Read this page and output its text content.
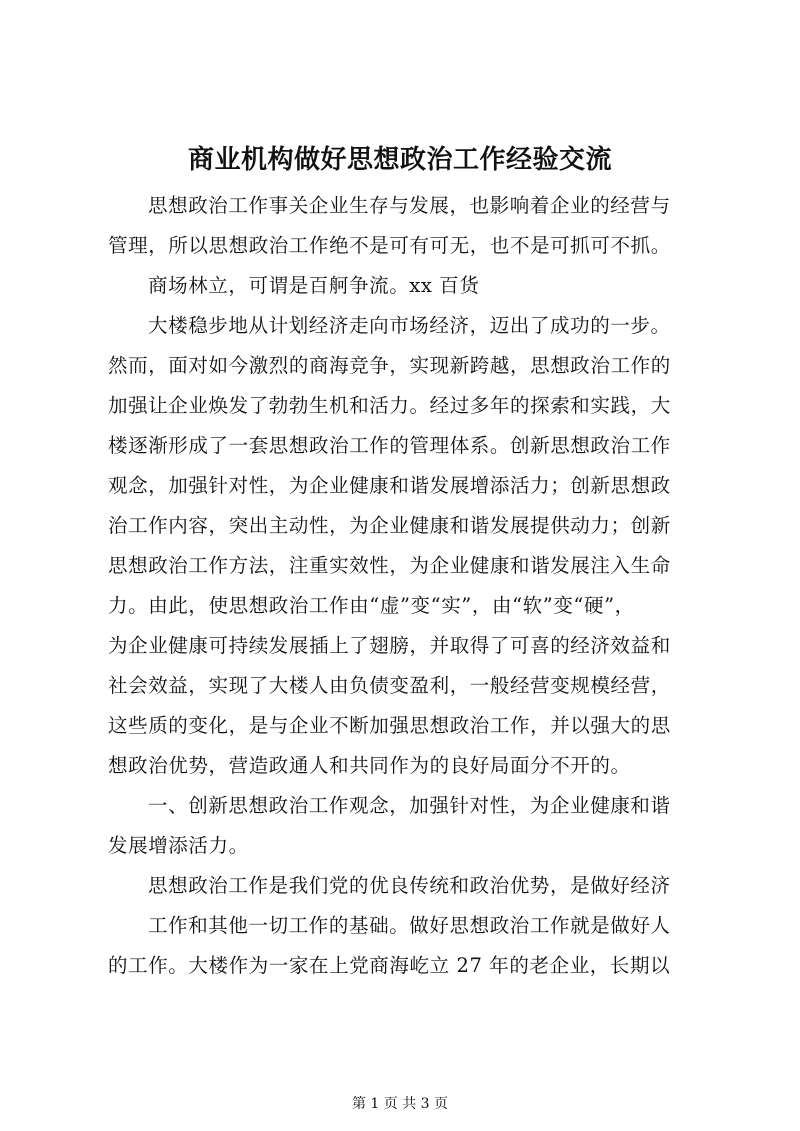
商业机构做好思想政治工作经验交流
思想政治工作事关企业生存与发展，也影响着企业的经营与
管理，所以思想政治工作绝不是可有可无，也不是可抓可不抓。
商场林立，可谓是百舸争流。xx 百货
大楼稳步地从计划经济走向市场经济，迈出了成功的一步。
然而，面对如今激烈的商海竞争，实现新跨越，思想政治工作的
加强让企业焕发了勃勃生机和活力。经过多年的探索和实践，大
楼逐渐形成了一套思想政治工作的管理体系。创新思想政治工作
观念，加强针对性，为企业健康和谐发展增添活力；创新思想政
治工作内容，突出主动性，为企业健康和谐发展提供动力；创新
思想政治工作方法，注重实效性，为企业健康和谐发展注入生命
力。由此，使思想政治工作由“虚”变“实”，由“软”变“硬”，
为企业健康可持续发展插上了翅膀，并取得了可喜的经济效益和
社会效益，实现了大楼人由负债变盈利，一般经营变规模经营，
这些质的变化，是与企业不断加强思想政治工作，并以强大的思
想政治优势，营造政通人和共同作为的良好局面分不开的。
一、创新思想政治工作观念，加强针对性，为企业健康和谐
发展增添活力。
思想政治工作是我们党的优良传统和政治优势，是做好经济
工作和其他一切工作的基础。做好思想政治工作就是做好人
的工作。大楼作为一家在上党商海屹立 27 年的老企业，长期以
第 1 页 共 3 页
